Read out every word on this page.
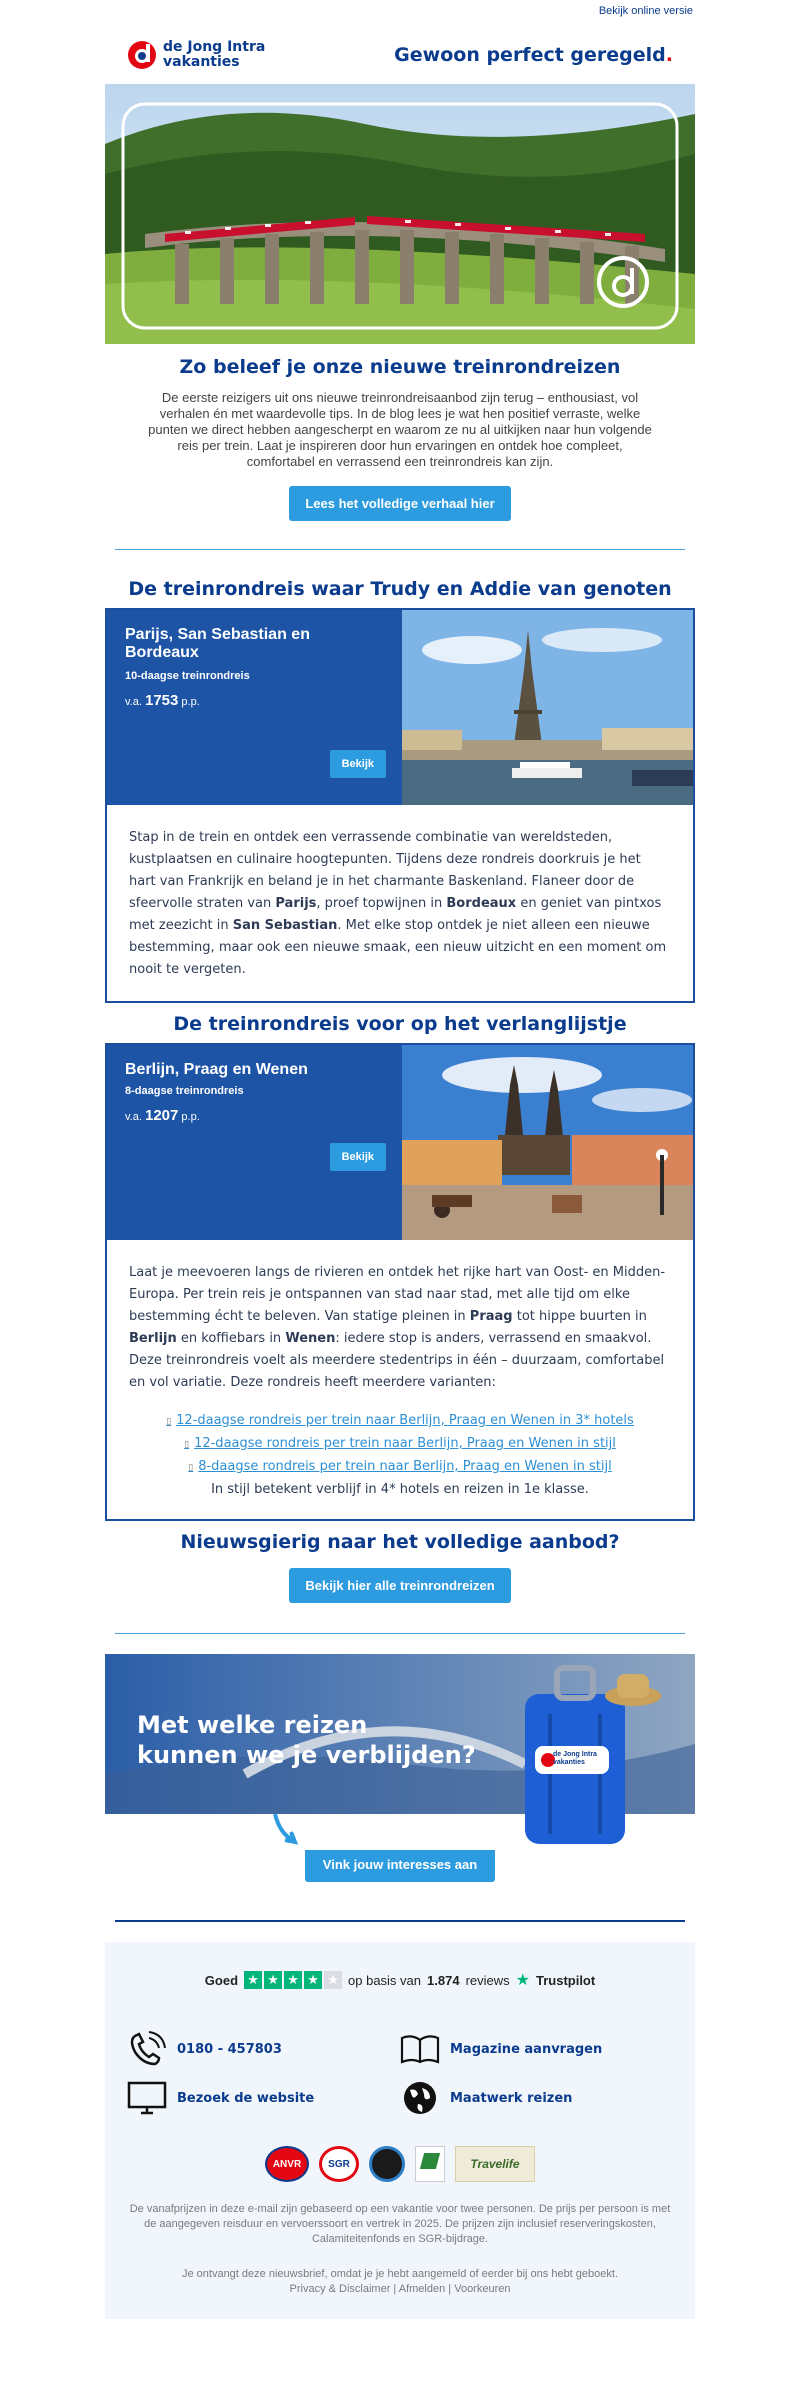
Bekijk online versie
de Jong Intra
vakanties	Gewoon perfect geregeld.
Zo beleef je onze nieuwe treinrondreizen

De eerste reizigers uit ons nieuwe treinrondreisaanbod zijn terug – enthousiast, vol verhalen én met waardevolle tips. In de blog lees je wat hen positief verraste, welke punten we direct hebben aangescherpt en waarom ze nu al uitkijken naar hun volgende reis per trein. Laat je inspireren door hun ervaringen en ontdek hoe compleet, comfortabel en verrassend een treinrondreis kan zijn.

Lees het volledige verhaal hier
De treinrondreis waar Trudy en Addie van genoten
Parijs, San Sebastian en Bordeaux
10-daagse treinrondreis
v.a. 1753 p.p.
Bekijk
Stap in de trein en ontdek een verrassende combinatie van wereldsteden, kustplaatsen en culinaire hoogtepunten. Tijdens deze rondreis doorkruis je het hart van Frankrijk en beland je in het charmante Baskenland. Flaneer door de sfeervolle straten van Parijs, proef topwijnen in Bordeaux en geniet van pintxos met zeezicht in San Sebastian. Met elke stop ontdek je niet alleen een nieuwe bestemming, maar ook een nieuwe smaak, een nieuw uitzicht en een moment om nooit te vergeten.
De treinrondreis voor op het verlanglijstje
Berlijn, Praag en Wenen
8-daagse treinrondreis
v.a. 1207 p.p.
Bekijk
Laat je meevoeren langs de rivieren en ontdek het rijke hart van Oost- en Midden-Europa. Per trein reis je ontspannen van stad naar stad, met alle tijd om elke bestemming écht te beleven. Van statige pleinen in Praag tot hippe buurten in Berlijn en koffiebars in Wenen: iedere stop is anders, verrassend en smaakvol. Deze treinrondreis voelt als meerdere stedentrips in één – duurzaam, comfortabel en vol variatie. Deze rondreis heeft meerdere varianten:
▯ 12-daagse rondreis per trein naar Berlijn, Praag en Wenen in 3* hotels
▯ 12-daagse rondreis per trein naar Berlijn, Praag en Wenen in stijl
▯ 8-daagse rondreis per trein naar Berlijn, Praag en Wenen in stijl
In stijl betekent verblijf in 4* hotels en reizen in 1e klasse.
Nieuwsgierig naar het volledige aanbod?
Bekijk hier alle treinrondreizen
Met welke reizen
kunnen we je verblijden?	de Jong Intra
vakanties
Vink jouw interesses aan
Goed ★ ★ ★ ★ ★ op basis van 1.874 reviews ★ Trustpilot
0180 - 457803	Magazine aanvragen
Bezoek de website	Maatwerk reizen
ANVR	SGR	Travelife

De vanafprijzen in deze e-mail zijn gebaseerd op een vakantie voor twee personen. De prijs per persoon is met de aangegeven reisduur en vervoerssoort en vertrek in 2025. De prijzen zijn inclusief reserveringskosten, Calamiteitenfonds en SGR-bijdrage.

Je ontvangt deze nieuwsbrief, omdat je je hebt aangemeld of eerder bij ons hebt geboekt.

Privacy & Disclaimer | Afmelden | Voorkeuren
